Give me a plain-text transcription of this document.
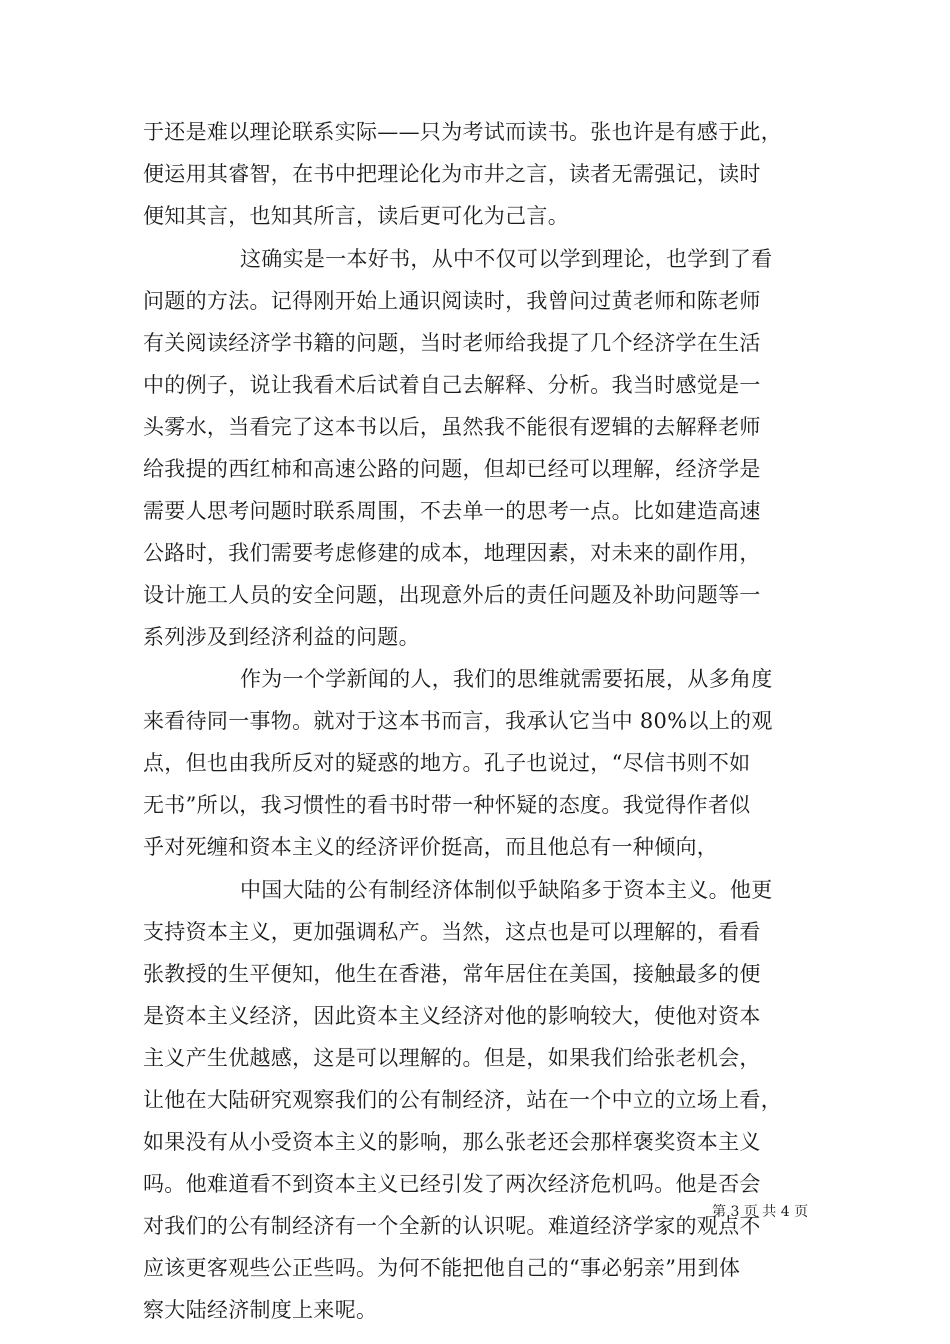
于还是难以理论联系实际——只为考试而读书。张也许是有感于此，
便运用其睿智，在书中把理论化为市井之言，读者无需强记，读时
便知其言，也知其所言，读后更可化为己言。
这确实是一本好书，从中不仅可以学到理论，也学到了看
问题的方法。记得刚开始上通识阅读时，我曾问过黄老师和陈老师
有关阅读经济学书籍的问题，当时老师给我提了几个经济学在生活
中的例子，说让我看术后试着自己去解释、分析。我当时感觉是一
头雾水，当看完了这本书以后，虽然我不能很有逻辑的去解释老师
给我提的西红柿和高速公路的问题，但却已经可以理解，经济学是
需要人思考问题时联系周围，不去单一的思考一点。比如建造高速
公路时，我们需要考虑修建的成本，地理因素，对未来的副作用，
设计施工人员的安全问题，出现意外后的责任问题及补助问题等一
系列涉及到经济利益的问题。
作为一个学新闻的人，我们的思维就需要拓展，从多角度
来看待同一事物。就对于这本书而言，我承认它当中 80%以上的观
点，但也由我所反对的疑惑的地方。孔子也说过，“尽信书则不如
无书”所以，我习惯性的看书时带一种怀疑的态度。我觉得作者似
乎对死缠和资本主义的经济评价挺高，而且他总有一种倾向，
中国大陆的公有制经济体制似乎缺陷多于资本主义。他更
支持资本主义，更加强调私产。当然，这点也是可以理解的，看看
张教授的生平便知，他生在香港，常年居住在美国，接触最多的便
是资本主义经济，因此资本主义经济对他的影响较大，使他对资本
主义产生优越感，这是可以理解的。但是，如果我们给张老机会，
让他在大陆研究观察我们的公有制经济，站在一个中立的立场上看，
如果没有从小受资本主义的影响，那么张老还会那样褒奖资本主义
吗。他难道看不到资本主义已经引发了两次经济危机吗。他是否会
对我们的公有制经济有一个全新的认识呢。难道经济学家的观点不
应该更客观些公正些吗。为何不能把他自己的“事必躬亲”用到体
察大陆经济制度上来呢。
第 3 页 共 4 页
